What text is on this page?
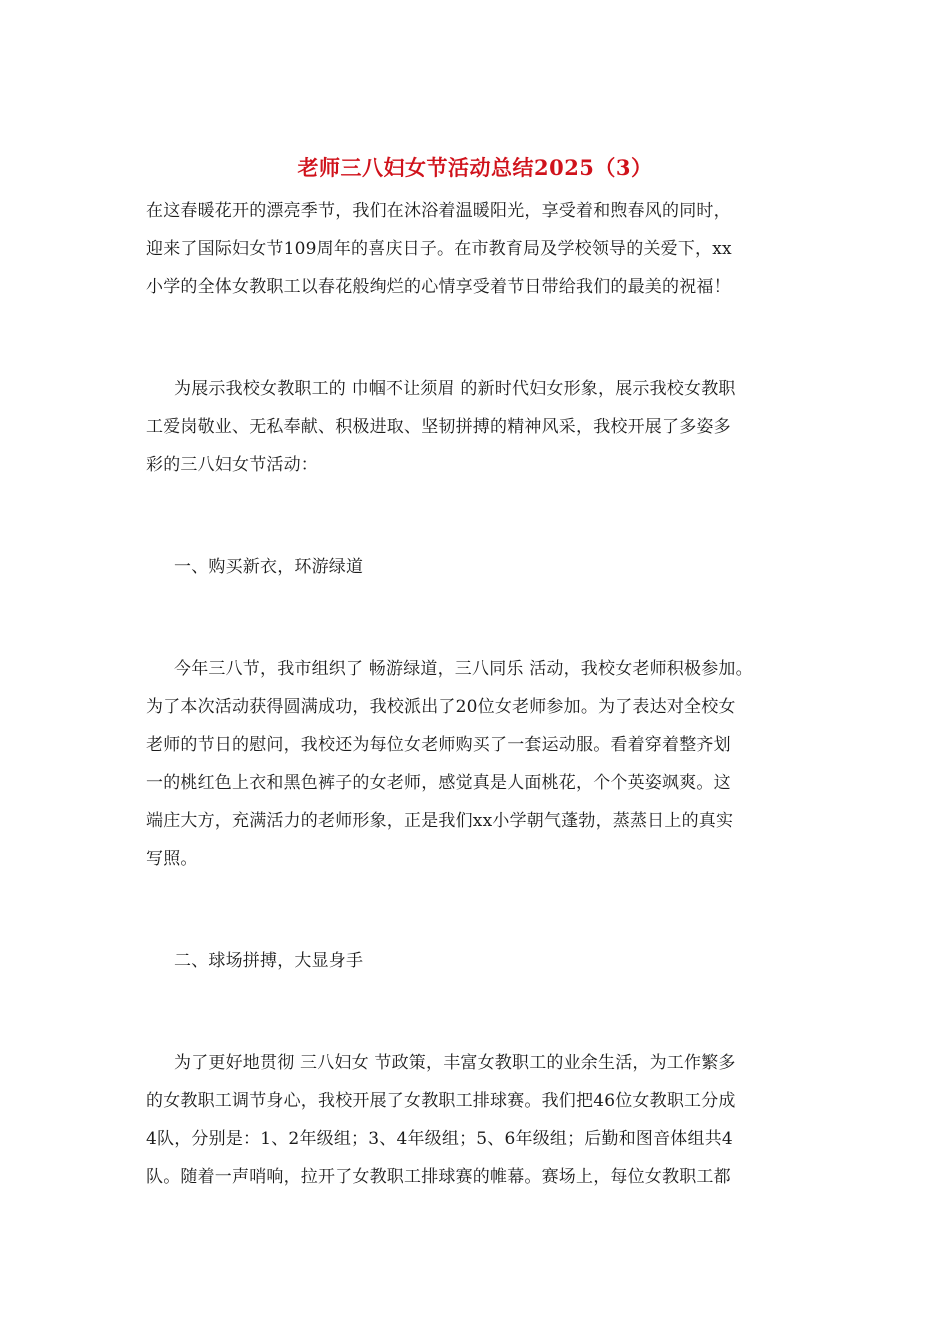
老师三八妇女节活动总结2025（3）
在这春暖花开的漂亮季节，我们在沐浴着温暖阳光，享受着和煦春风的同时，
迎来了国际妇女节109周年的喜庆日子。在市教育局及学校领导的关爱下，xx
小学的全体女教职工以春花般绚烂的心情享受着节日带给我们的最美的祝福！
为展示我校女教职工的 巾帼不让须眉 的新时代妇女形象，展示我校女教职
工爱岗敬业、无私奉献、积极进取、坚韧拼搏的精神风采，我校开展了多姿多
彩的三八妇女节活动：
一、购买新衣，环游绿道
今年三八节，我市组织了 畅游绿道，三八同乐 活动，我校女老师积极参加。
为了本次活动获得圆满成功，我校派出了20位女老师参加。为了表达对全校女
老师的节日的慰问，我校还为每位女老师购买了一套运动服。看着穿着整齐划
一的桃红色上衣和黑色裤子的女老师，感觉真是人面桃花，个个英姿飒爽。这
端庄大方，充满活力的老师形象，正是我们xx小学朝气蓬勃，蒸蒸日上的真实
写照。
二、球场拼搏，大显身手
为了更好地贯彻 三八妇女 节政策，丰富女教职工的业余生活，为工作繁多
的女教职工调节身心，我校开展了女教职工排球赛。我们把46位女教职工分成
4队，分别是：1、2年级组；3、4年级组；5、6年级组；后勤和图音体组共4
队。随着一声哨响，拉开了女教职工排球赛的帷幕。赛场上，每位女教职工都
